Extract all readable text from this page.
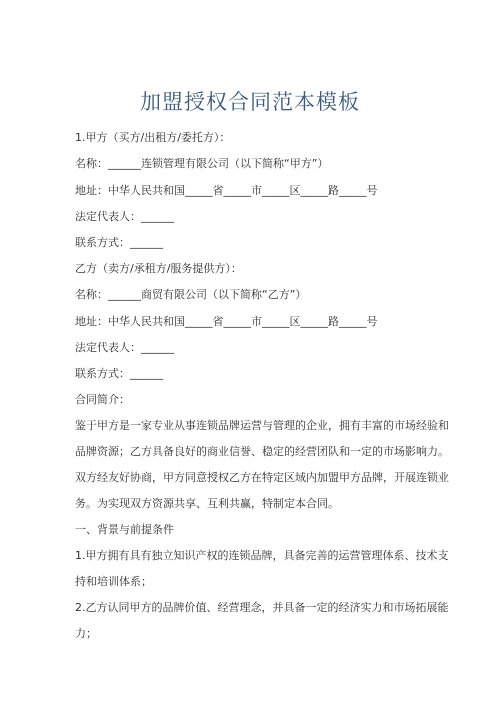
加盟授权合同范本模板
1.甲方（买方/出租方/委托方）：
名称：______连锁管理有限公司（以下简称“甲方”）
地址：中华人民共和国_____省_____市_____区_____路_____号
法定代表人：______
联系方式：______
乙方（卖方/承租方/服务提供方）：
名称：______商贸有限公司（以下简称“乙方”）
地址：中华人民共和国_____省_____市_____区_____路_____号
法定代表人：______
联系方式：______
合同简介：
鉴于甲方是一家专业从事连锁品牌运营与管理的企业，拥有丰富的市场经验和
品牌资源；乙方具备良好的商业信誉、稳定的经营团队和一定的市场影响力。
双方经友好协商，甲方同意授权乙方在特定区域内加盟甲方品牌，开展连锁业
务。为实现双方资源共享、互利共赢，特制定本合同。
一、背景与前提条件
1.甲方拥有具有独立知识产权的连锁品牌，具备完善的运营管理体系、技术支
持和培训体系；
2.乙方认同甲方的品牌价值、经营理念，并具备一定的经济实力和市场拓展能
力；
